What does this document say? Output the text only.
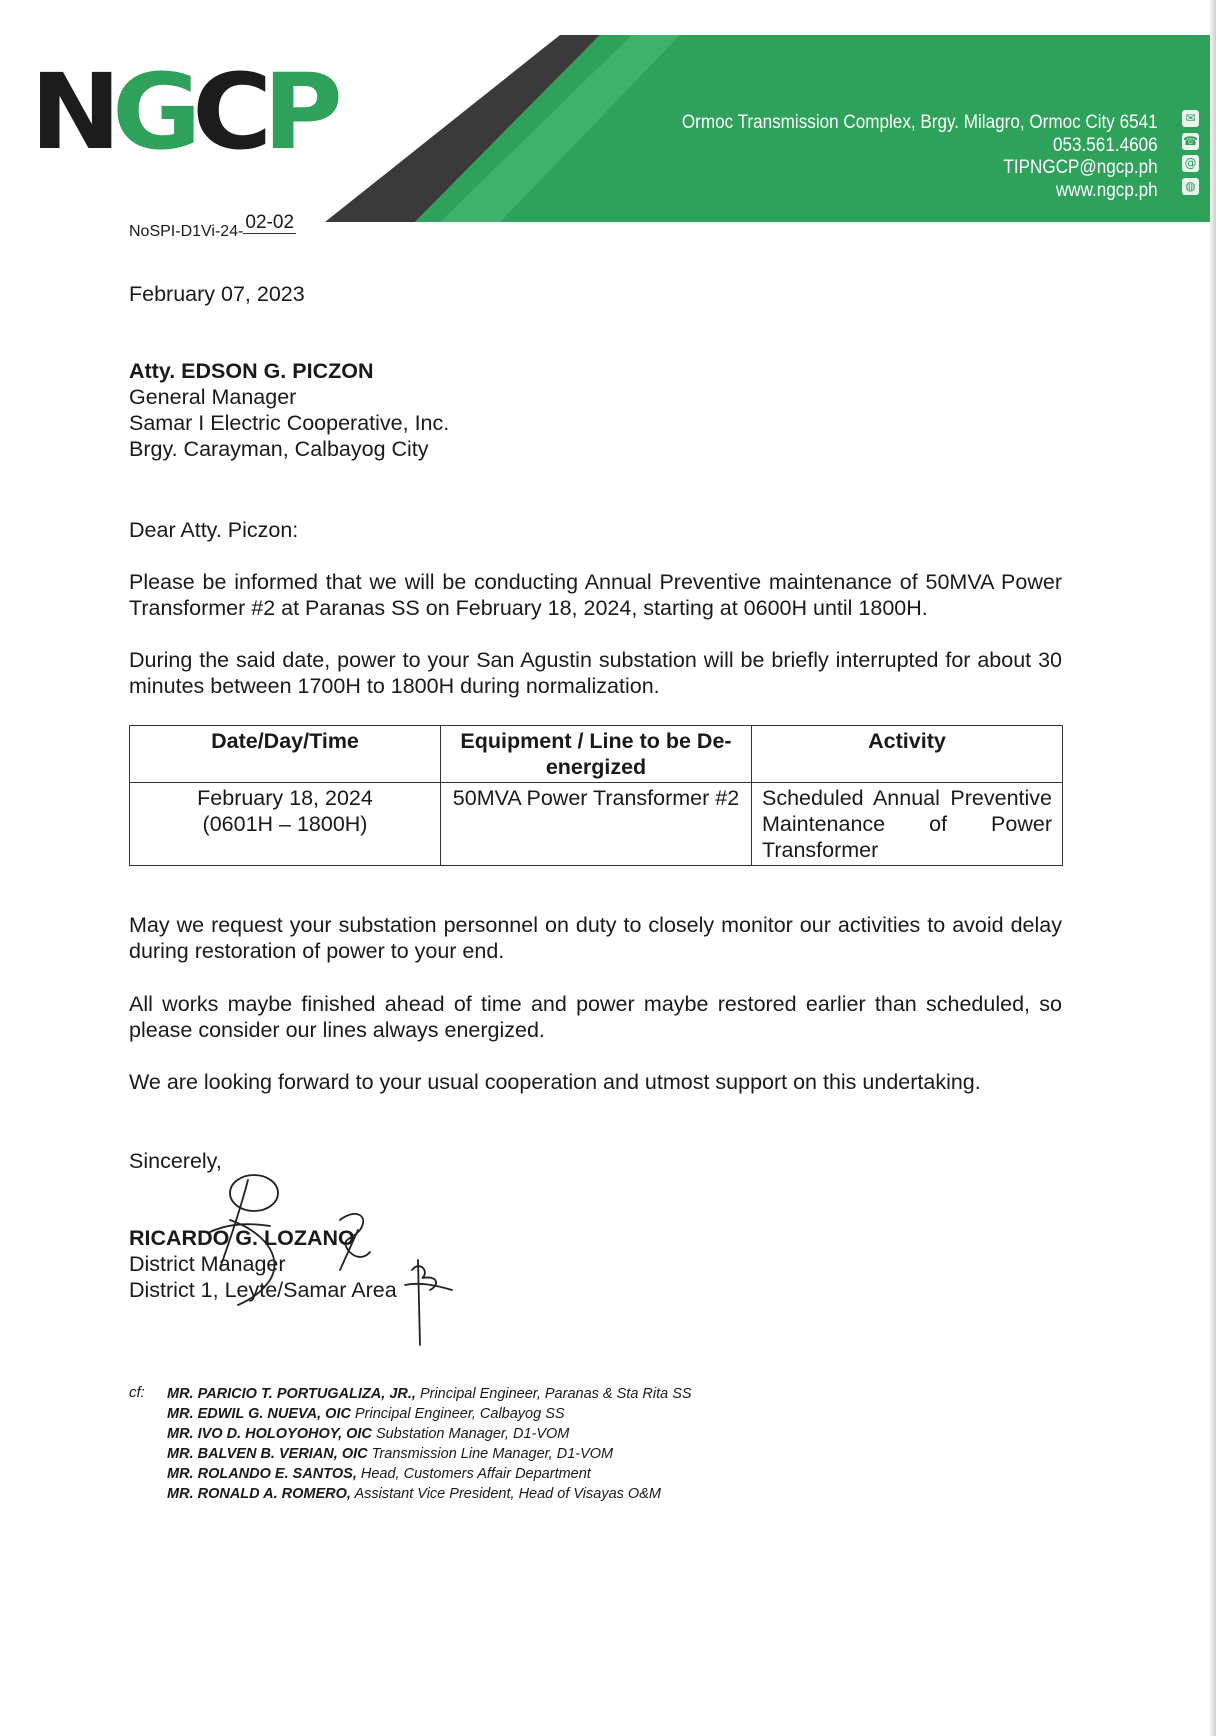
NGCP	Ormoc Transmission Complex, Brgy. Milagro, Ormoc City 6541
053.561.4606
TIPNGCP@ngcp.ph
www.ngcp.ph
✉
☎
@
◍
NoSPI-D1Vi-24- 02-02
February 07, 2023
Atty. EDSON G. PICZON
General Manager
Samar I Electric Cooperative, Inc.
Brgy. Carayman, Calbayog City
Dear Atty. Piczon:
Please be informed that we will be conducting Annual Preventive maintenance of 50MVA Power Transformer #2 at Paranas SS on February 18, 2024, starting at 0600H until 1800H.
During the said date, power to your San Agustin substation will be briefly interrupted for about 30 minutes between 1700H to 1800H during normalization.
Date/Day/Time	Equipment / Line to be De-energized	Activity

February 18, 2024
(0601H – 1800H)	50MVA Power Transformer #2	Scheduled Annual Preventive Maintenance of Power Transformer
May we request your substation personnel on duty to closely monitor our activities to avoid delay during restoration of power to your end.
All works maybe finished ahead of time and power maybe restored earlier than scheduled, so please consider our lines always energized.
We are looking forward to your usual cooperation and utmost support on this undertaking.
Sincerely,
RICARDO G. LOZANO
District Manager
District 1, Leyte/Samar Area
cf: MR. PARICIO T. PORTUGALIZA, JR., Principal Engineer, Paranas & Sta Rita SS
MR. EDWIL G. NUEVA, OIC Principal Engineer, Calbayog SS
MR. IVO D. HOLOYOHOY, OIC Substation Manager, D1-VOM
MR. BALVEN B. VERIAN, OIC Transmission Line Manager, D1-VOM
MR. ROLANDO E. SANTOS, Head, Customers Affair Department
MR. RONALD A. ROMERO, Assistant Vice President, Head of Visayas O&M
